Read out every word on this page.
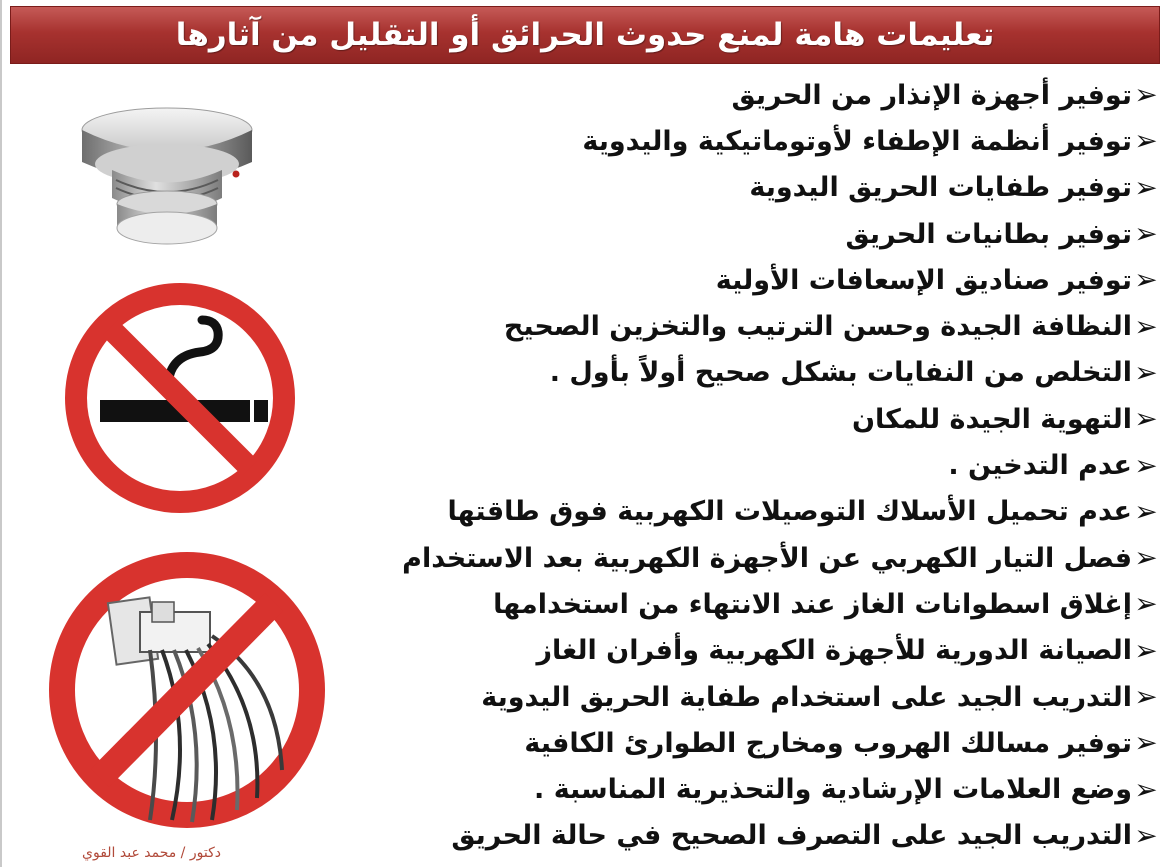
تعليمات هامة لمنع حدوث الحرائق أو التقليل من آثارها
➢
توفير أجهزة الإنذار من الحريق
➢
توفير أنظمة الإطفاء لأوتوماتيكية واليدوية
➢
توفير طفايات الحريق اليدوية
➢
توفير بطانيات الحريق
➢
توفير صناديق الإسعافات الأولية
➢
النظافة الجيدة وحسن الترتيب والتخزين الصحيح
➢
التخلص من النفايات بشكل صحيح أولاً بأول .
➢
التهوية الجيدة للمكان
➢
عدم التدخين .
➢
عدم تحميل الأسلاك التوصيلات الكهربية فوق طاقتها
➢
فصل التيار الكهربي عن الأجهزة الكهربية بعد الاستخدام
➢
إغلاق اسطوانات الغاز عند الانتهاء من استخدامها
➢
الصيانة الدورية للأجهزة الكهربية وأفران الغاز
➢
التدريب الجيد على استخدام طفاية الحريق اليدوية
➢
توفير مسالك الهروب ومخارج الطوارئ الكافية
➢
وضع العلامات الإرشادية والتحذيرية المناسبة .
➢
التدريب الجيد على التصرف الصحيح في حالة الحريق
دكتور / محمد عبد القوي
